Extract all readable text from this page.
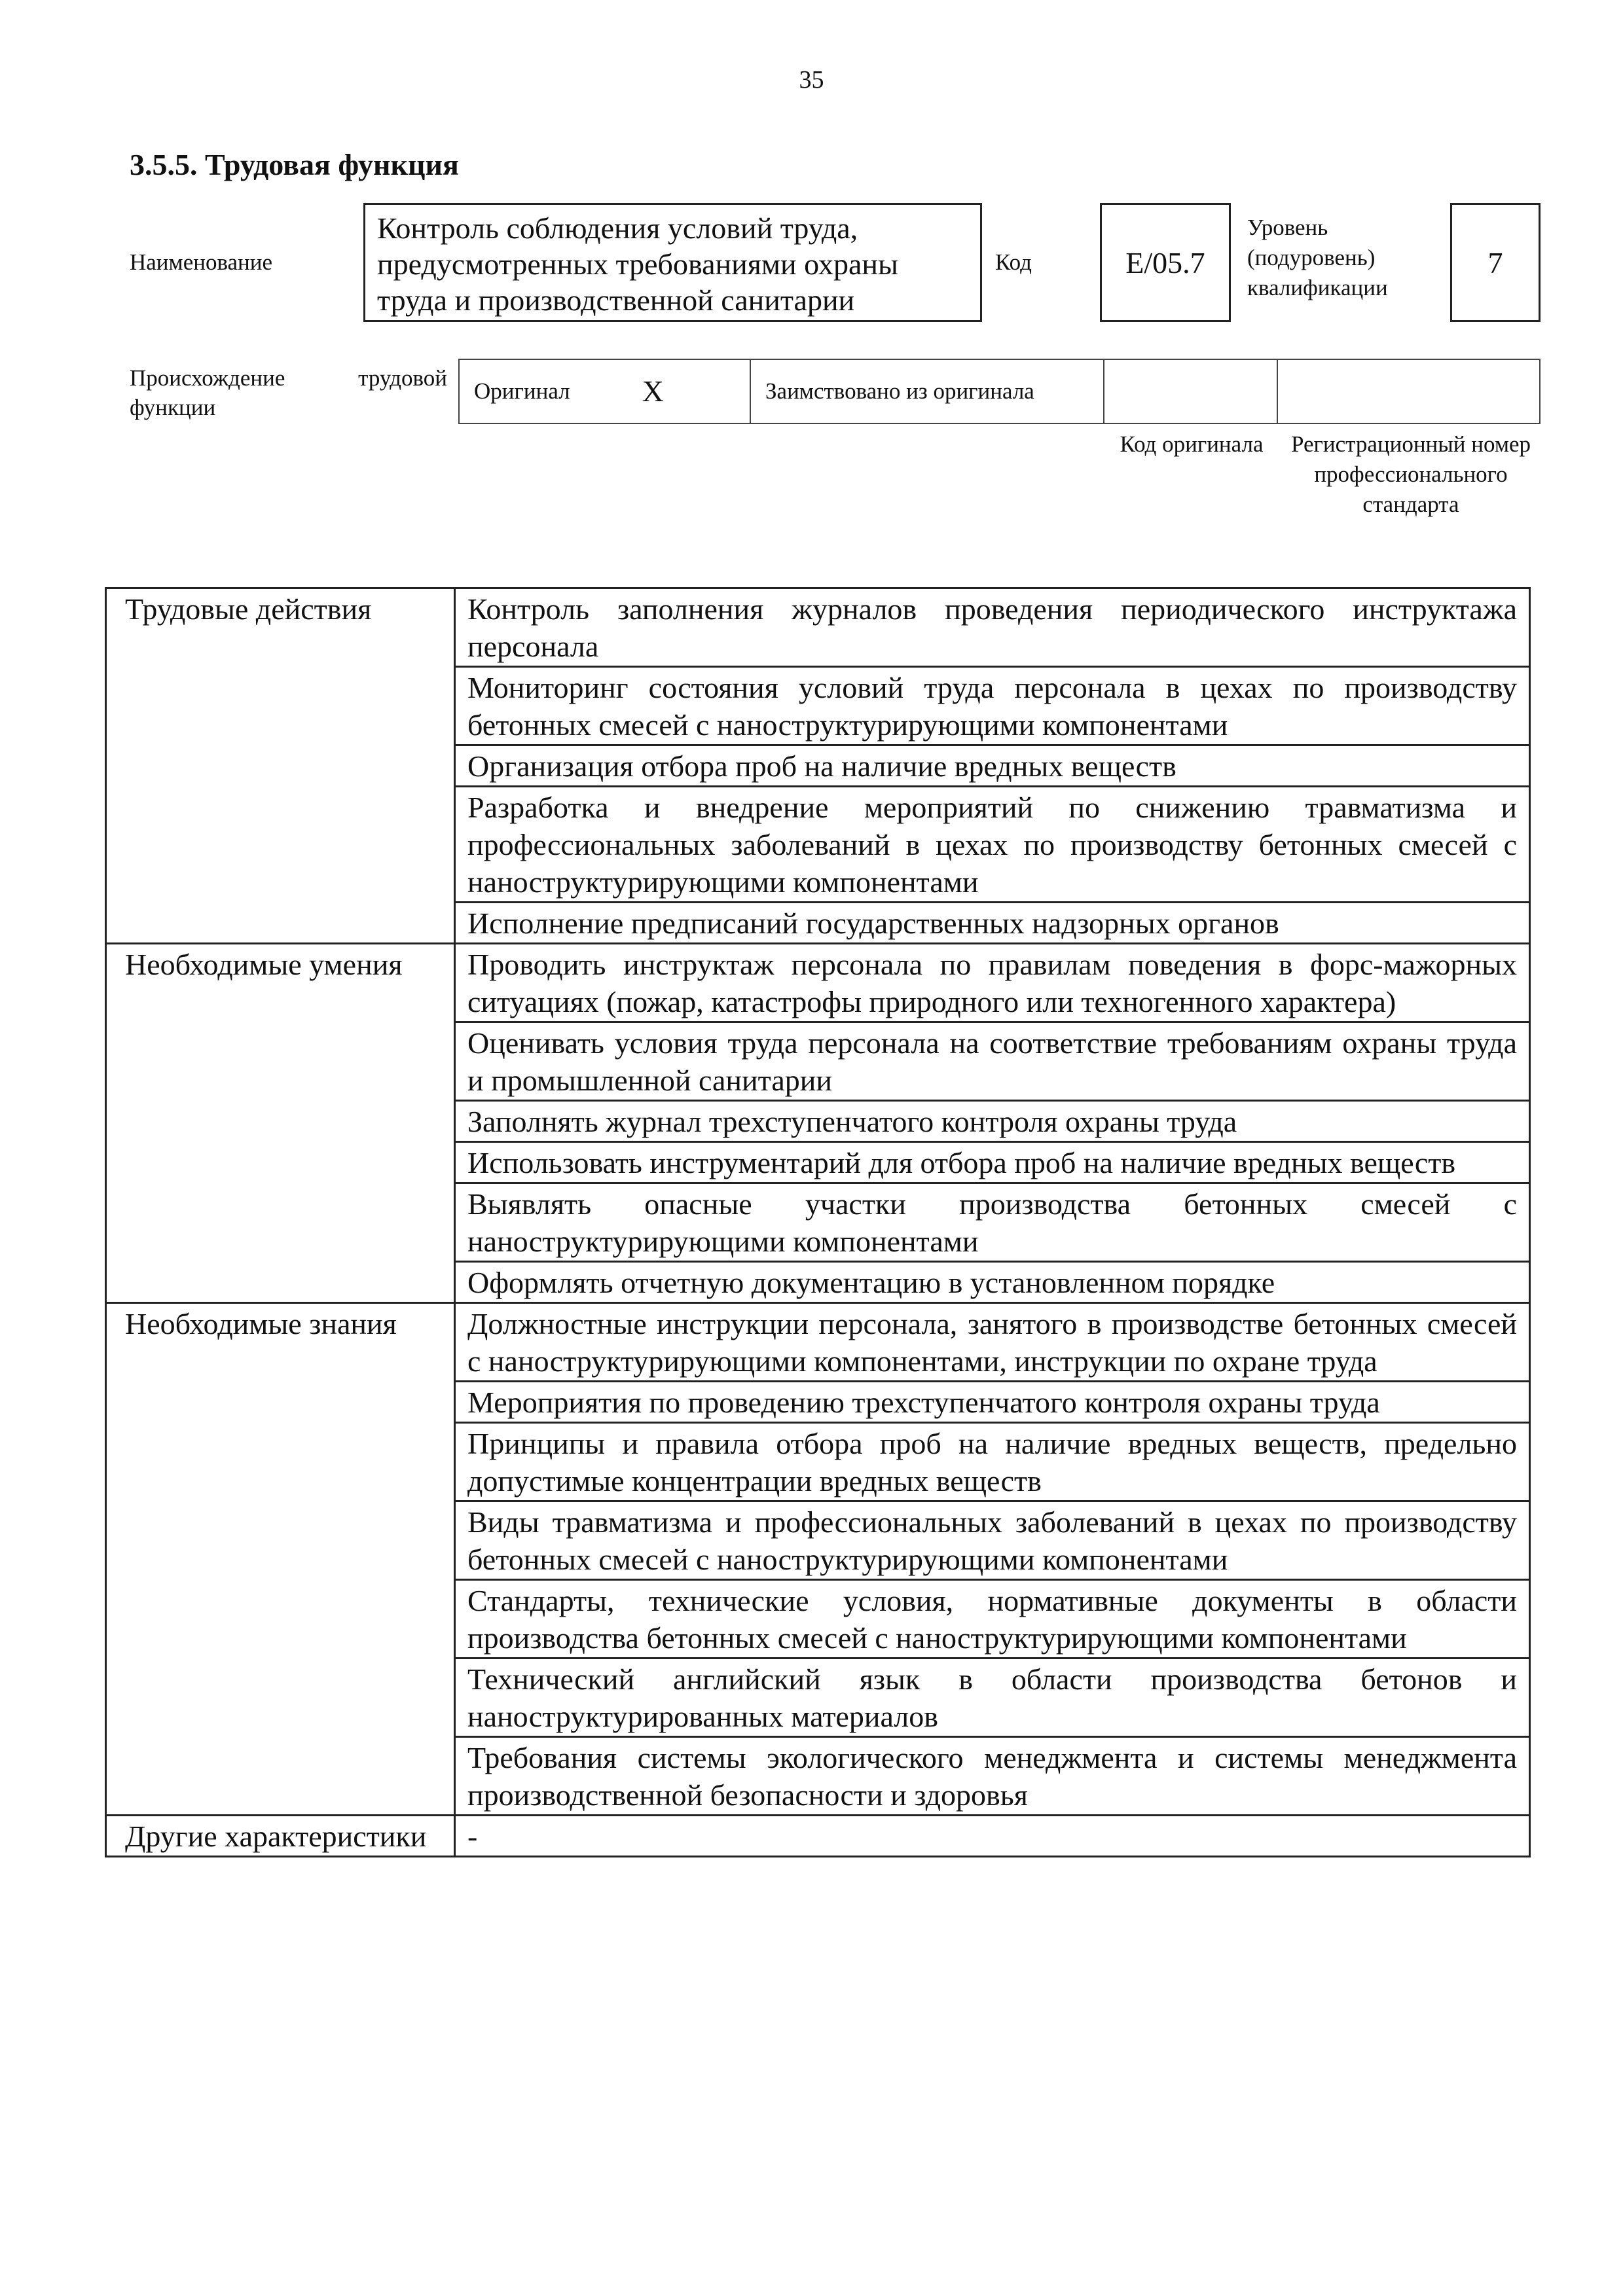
35
3.5.5. Трудовая функция
Наименование
Контроль соблюдения условий труда, предусмотренных требованиями охраны труда и производственной санитарии
Код	E/05.7
Уровень (подуровень) квалификации
7
Происхождение трудовой
функции
Оригинал X	Заимствовано из оригинала
Код оригинала	Регистрационный номер профессионального стандарта
Трудовые действия	Контроль заполнения журналов проведения периодического инструктажа персонала
	Мониторинг состояния условий труда персонала в цехах по производству бетонных смесей с наноструктурирующими компонентами
	Организация отбора проб на наличие вредных веществ
	Разработка и внедрение мероприятий по снижению травматизма и профессиональных заболеваний в цехах по производству бетонных смесей с наноструктурирующими компонентами
	Исполнение предписаний государственных надзорных органов
Необходимые умения	Проводить инструктаж персонала по правилам поведения в форс-мажорных ситуациях (пожар, катастрофы природного или техногенного характера)
	Оценивать условия труда персонала на соответствие требованиям охраны труда и промышленной санитарии
	Заполнять журнал трехступенчатого контроля охраны труда
	Использовать инструментарий для отбора проб на наличие вредных веществ
	Выявлять опасные участки производства бетонных смесей с наноструктурирующими компонентами
	Оформлять отчетную документацию в установленном порядке
Необходимые знания	Должностные инструкции персонала, занятого в производстве бетонных смесей с наноструктурирующими компонентами, инструкции по охране труда
	Мероприятия по проведению трехступенчатого контроля охраны труда
	Принципы и правила отбора проб на наличие вредных веществ, предельно допустимые концентрации вредных веществ
	Виды травматизма и профессиональных заболеваний в цехах по производству бетонных смесей с наноструктурирующими компонентами
	Стандарты, технические условия, нормативные документы в области производства бетонных смесей с наноструктурирующими компонентами
	Технический английский язык в области производства бетонов и наноструктурированных материалов
	Требования системы экологического менеджмента и системы менеджмента производственной безопасности и здоровья
Другие характеристики	-
